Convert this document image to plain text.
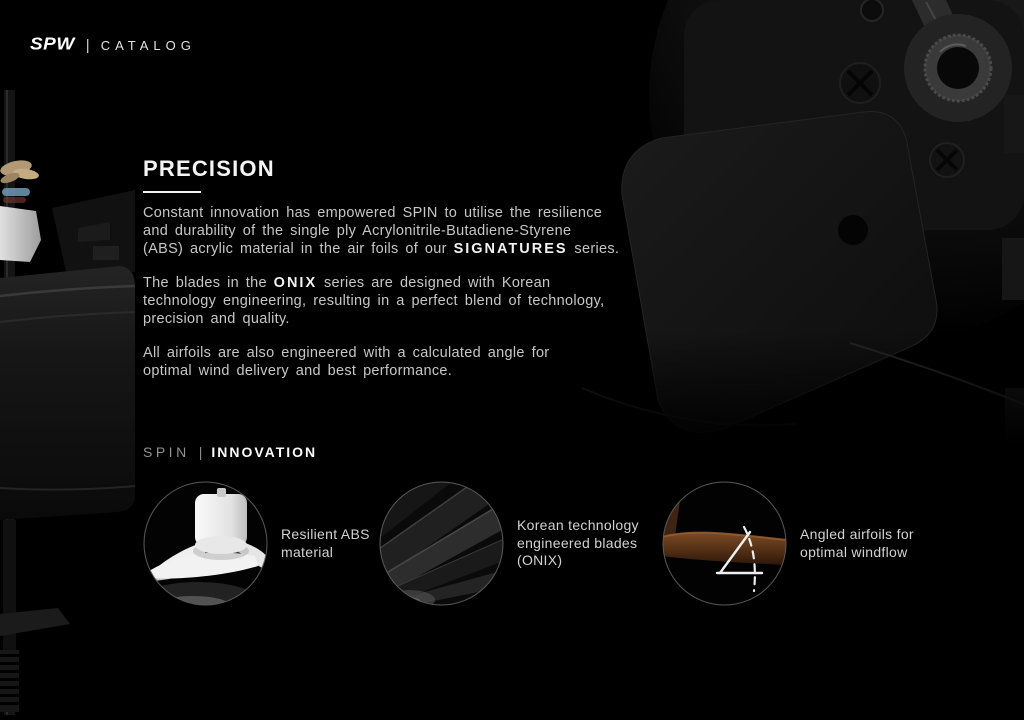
SPW | CATALOG
PRECISION
Constant innovation has empowered SPIN to utilise the resilience
and durability of the single ply Acrylonitrile-Butadiene-Styrene
(ABS) acrylic material in the air foils of our SIGNATURES series.
The blades in the ONIX series are designed with Korean
technology engineering, resulting in a perfect blend of technology,
precision and quality.
All airfoils are also engineered with a calculated angle for
optimal wind delivery and best performance.
SPIN | INNOVATION
Resilient ABS
material
Korean technology
engineered blades
(ONIX)
Angled airfoils for
optimal windflow
